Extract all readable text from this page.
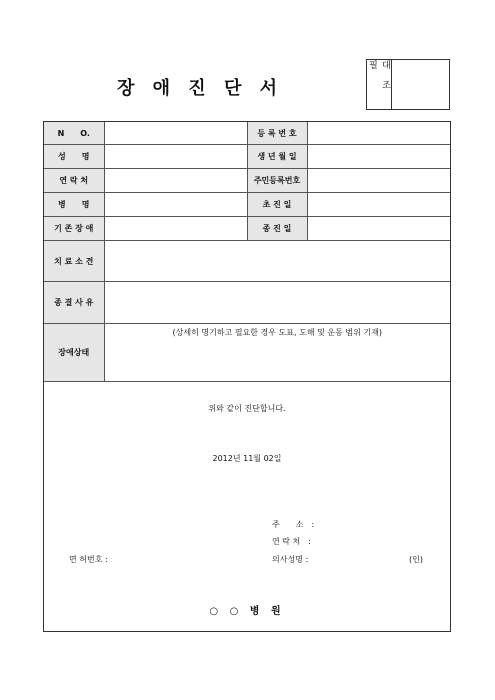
장 애 진 단 서	대 조 필
N　　O.		등 록 번 호	
성　　명		생 년 월 일	
연 락 처		주민등록번호	
병　　명		초 진 일	
기 존 장 애		종 진 일	
치 료 소 견			
종 결 사 유			
장애상태	(상세히 명기하고 필요한 경우 도표, 도해 및 운동 범위 기재)		
위와 같이 진단합니다.
2012년 11월 02일
주　　소　:
연 락 처　:
면 허번호 :	의사성명 :	(인)
○ ○ 병 원
